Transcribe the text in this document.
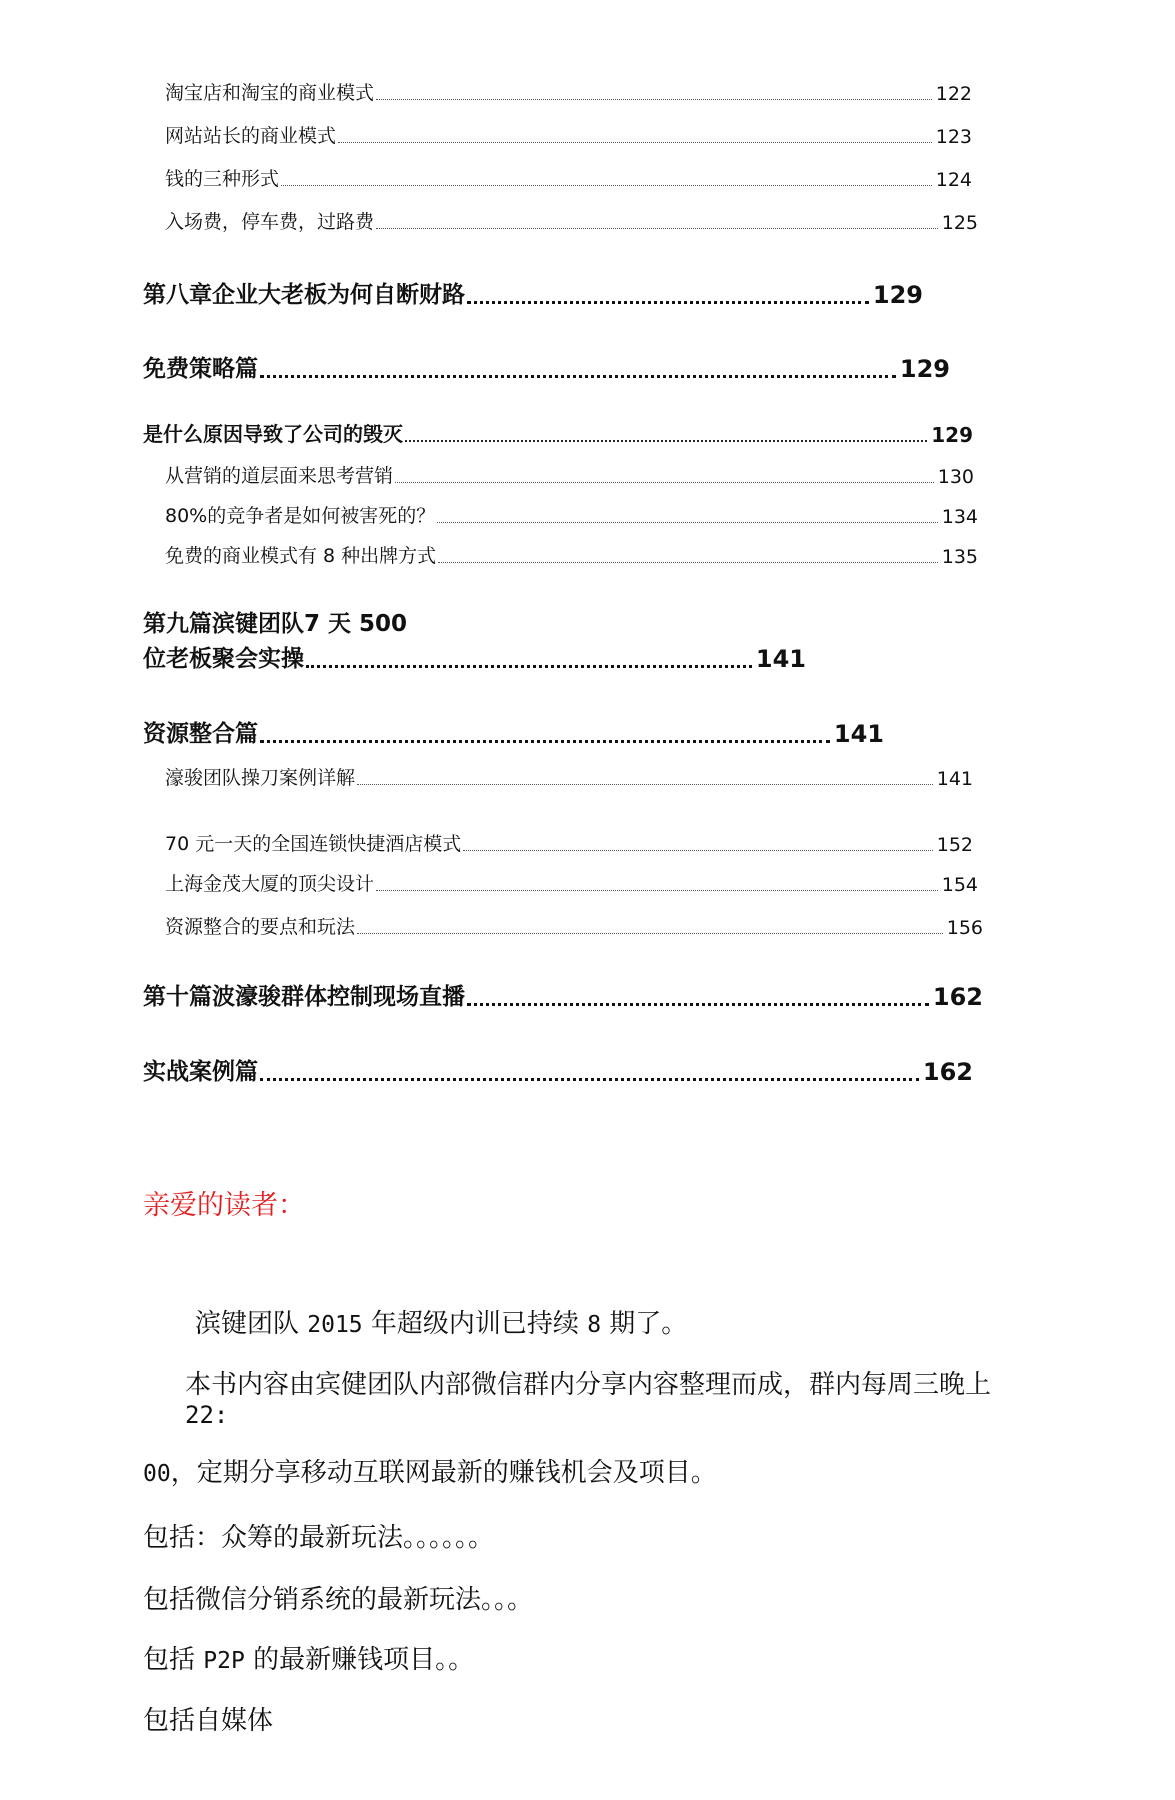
淘宝店和淘宝的商业模式	122
网站站长的商业模式	123
钱的三种形式	124
入场费，停车费，过路费	125
第八章企业大老板为何自断财路	129
免费策略篇	129
是什么原因导致了公司的毁灭	129
从营销的道层面来思考营销	130
80%的竞争者是如何被害死的？	134
免费的商业模式有 8 种出牌方式	135
第九篇滨键团队7 天 500
位老板聚会实操	141
资源整合篇	141
濠骏团队操刀案例详解	141
70 元一天的全国连锁快捷酒店模式	152
上海金茂大厦的顶尖设计	154
资源整合的要点和玩法	156
第十篇波濠骏群体控制现场直播	162
实战案例篇	162
亲爱的读者：
滨键团队 2015 年超级内训已持续 8 期了。
本书内容由宾健团队内部微信群内分享内容整理而成，群内每周三晚上
22:
00，定期分享移动互联网最新的赚钱机会及项目。
包括：众筹的最新玩法。。。。。。
包括微信分销系统的最新玩法。。。
包括 P2P 的最新赚钱项目。。
包括自媒体
